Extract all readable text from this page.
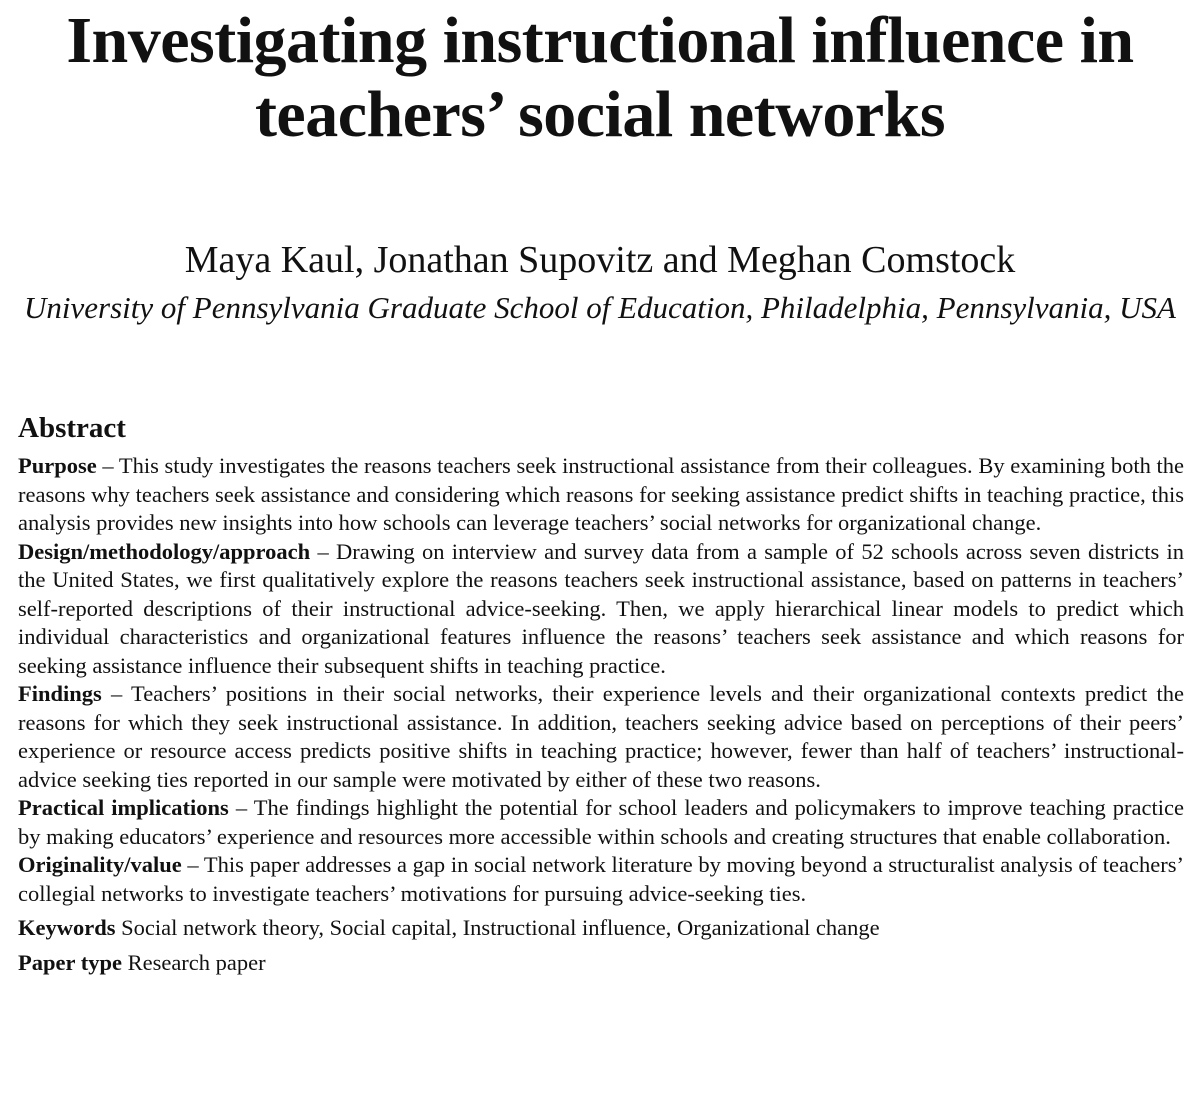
Investigating instructional influence in teachers’ social networks

Maya Kaul, Jonathan Supovitz and Meghan Comstock

University of Pennsylvania Graduate School of Education, Philadelphia, Pennsylvania, USA

Abstract

Purpose – This study investigates the reasons teachers seek instructional assistance from their colleagues. By examining both the reasons why teachers seek assistance and considering which reasons for seeking assistance predict shifts in teaching practice, this analysis provides new insights into how schools can leverage teachers’ social networks for organizational change.

Design/methodology/approach – Drawing on interview and survey data from a sample of 52 schools across seven districts in the United States, we first qualitatively explore the reasons teachers seek instructional assistance, based on patterns in teachers’ self-reported descriptions of their instructional advice-seeking. Then, we apply hierarchical linear models to predict which individual characteristics and organizational features influence the reasons’ teachers seek assistance and which reasons for seeking assistance influence their subsequent shifts in teaching practice.

Findings – Teachers’ positions in their social networks, their experience levels and their organizational contexts predict the reasons for which they seek instructional assistance. In addition, teachers seeking advice based on perceptions of their peers’ experience or resource access predicts positive shifts in teaching practice; however, fewer than half of teachers’ instructional-advice seeking ties reported in our sample were motivated by either of these two reasons.

Practical implications – The findings highlight the potential for school leaders and policymakers to improve teaching practice by making educators’ experience and resources more accessible within schools and creating structures that enable collaboration.

Originality/value – This paper addresses a gap in social network literature by moving beyond a structuralist analysis of teachers’ collegial networks to investigate teachers’ motivations for pursuing advice-seeking ties.

Keywords Social network theory, Social capital, Instructional influence, Organizational change

Paper type Research paper
